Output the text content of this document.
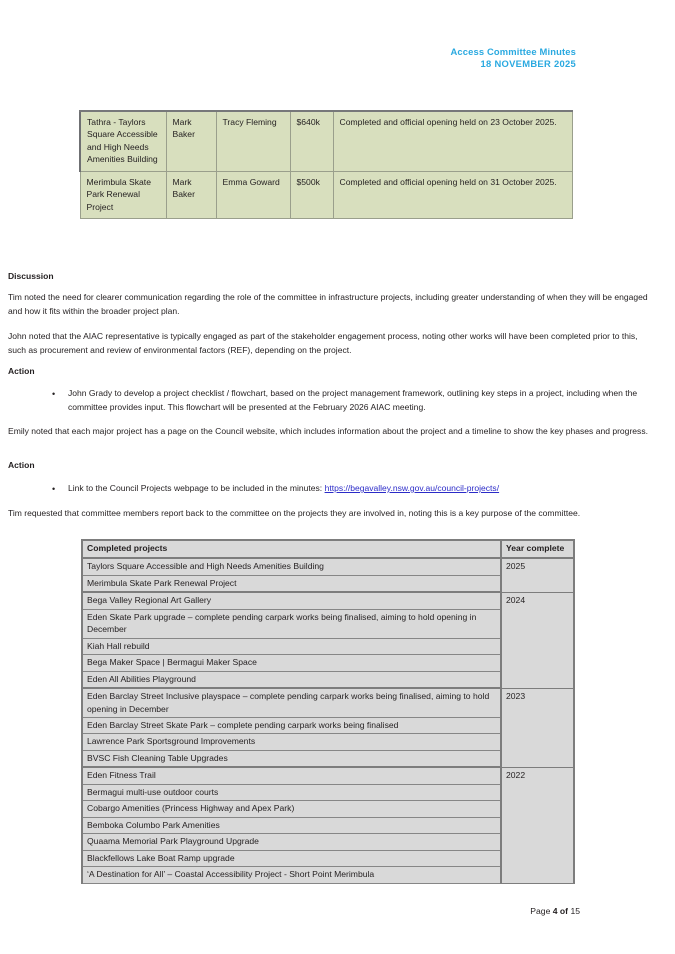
Access Committee Minutes
18 NOVEMBER 2025
Tathra - Taylors Square Accessible and High Needs Amenities Building	Mark Baker	Tracy Fleming	$640k	Completed and official opening held on 23 October 2025.
Merimbula Skate Park Renewal Project	Mark Baker	Emma Goward	$500k	Completed and official opening held on 31 October 2025.
Discussion

Tim noted the need for clearer communication regarding the role of the committee in infrastructure projects, including greater understanding of when they will be engaged and how it fits within the broader project plan.

John noted that the AIAC representative is typically engaged as part of the stakeholder engagement process, noting other works will have been completed prior to this, such as procurement and review of environmental factors (REF), depending on the project.

Action
• John Grady to develop a project checklist / flowchart, based on the project management framework, outlining key steps in a project, including when the committee provides input. This flowchart will be presented at the February 2026 AIAC meeting.

Emily noted that each major project has a page on the Council website, which includes information about the project and a timeline to show the key phases and progress.

Action
• Link to the Council Projects webpage to be included in the minutes: https://begavalley.nsw.gov.au/council-projects/

Tim requested that committee members report back to the committee on the projects they are involved in, noting this is a key purpose of the committee.

Completed projects	Year complete
Taylors Square Accessible and High Needs Amenities Building	2025
Merimbula Skate Park Renewal Project	
Bega Valley Regional Art Gallery	2024
Eden Skate Park upgrade – complete pending carpark works being finalised, aiming to hold opening in December	
Kiah Hall rebuild	
Bega Maker Space | Bermagui Maker Space	
Eden All Abilities Playground	
Eden Barclay Street Inclusive playspace – complete pending carpark works being finalised, aiming to hold opening in December	2023
Eden Barclay Street Skate Park – complete pending carpark works being finalised	
Lawrence Park Sportsground Improvements	
BVSC Fish Cleaning Table Upgrades	
Eden Fitness Trail	2022
Bermagui multi-use outdoor courts	
Cobargo Amenities (Princess Highway and Apex Park)	
Bemboka Columbo Park Amenities	
Quaama Memorial Park Playground Upgrade	
Blackfellows Lake Boat Ramp upgrade	
‘A Destination for All’ – Coastal Accessibility Project - Short Point Merimbula	
Page 4 of 15
